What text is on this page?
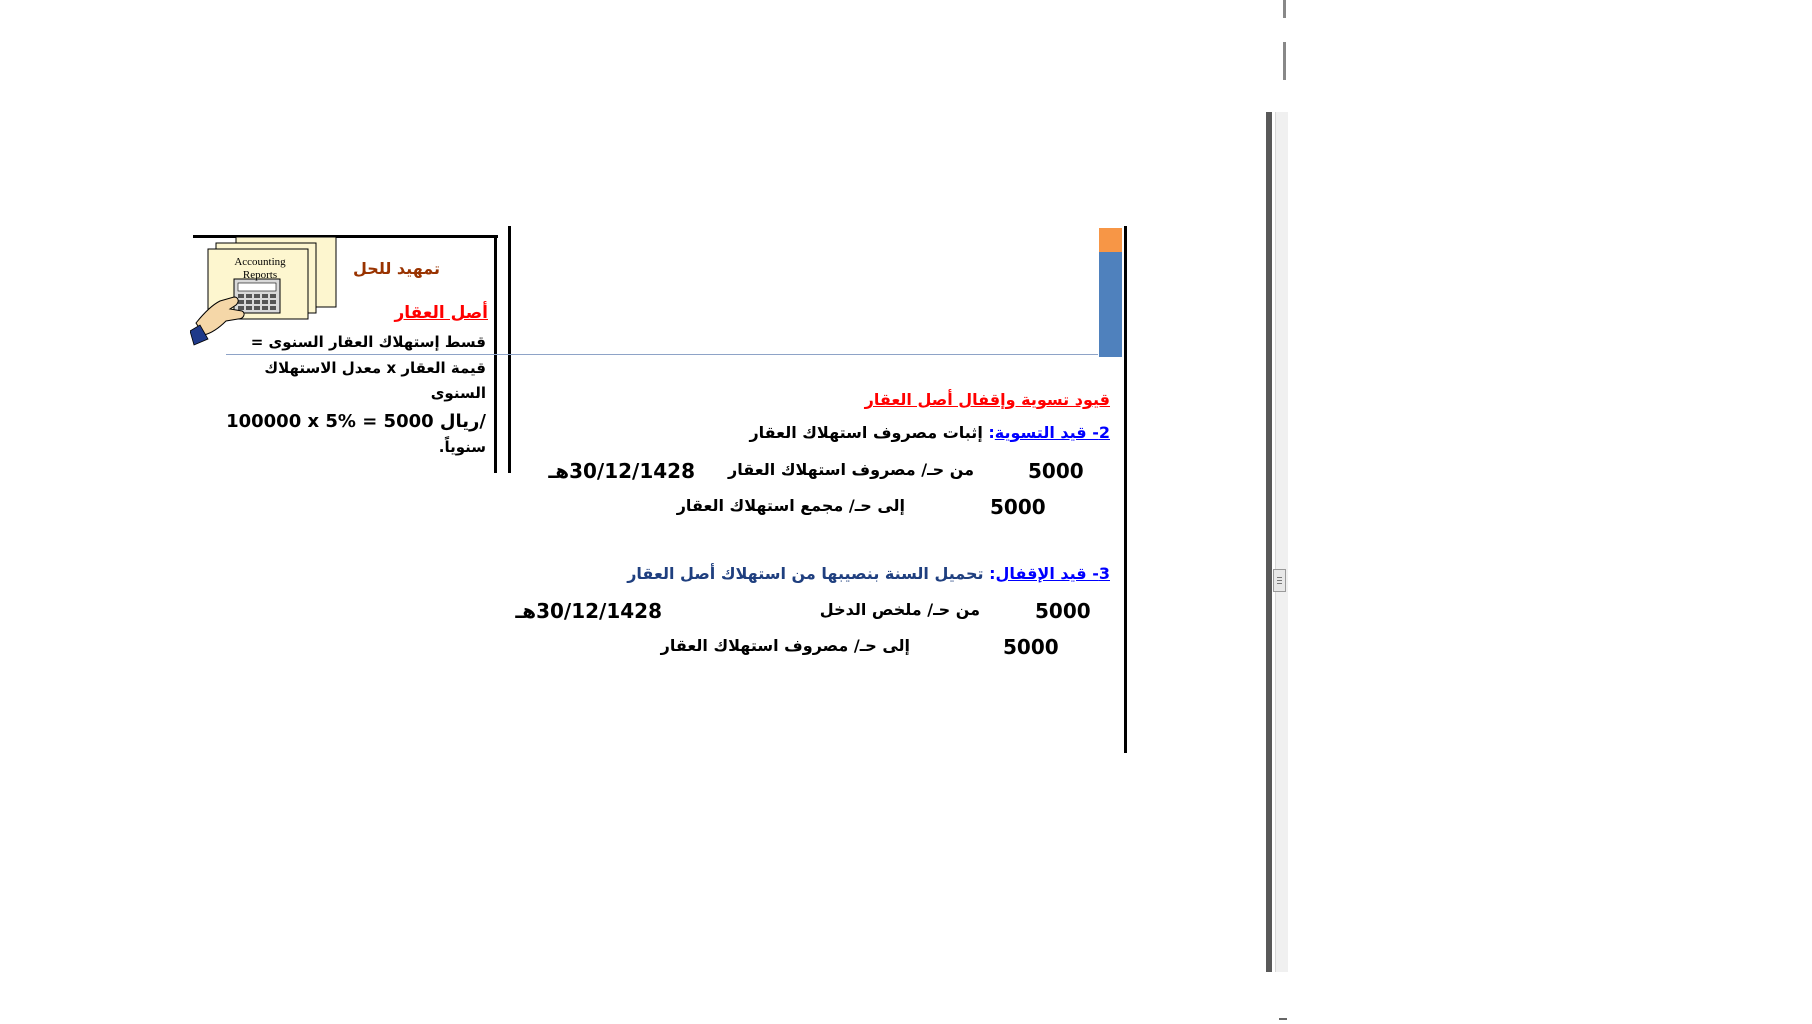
Accounting Reports	تمهيد للحل
أصل العقار
قسط إستهلاك العقار السنوى =
قيمة العقار x معدل الاستهلاك
السنوى
100000 x 5% = 5000 ريال/
سنوياً.
قيود تسوية وإقفال أصل العقار
2- قيد التسوية: إثبات مصروف استهلاك العقار
5000
من حـ/ مصروف استهلاك العقار
30/12/1428هـ
5000
إلى حـ/ مجمع استهلاك العقار
3- قيد الإقفال: تحميل السنة بنصيبها من استهلاك أصل العقار
5000
من حـ/ ملخص الدخل
30/12/1428هـ
5000
إلى حـ/ مصروف استهلاك العقار
